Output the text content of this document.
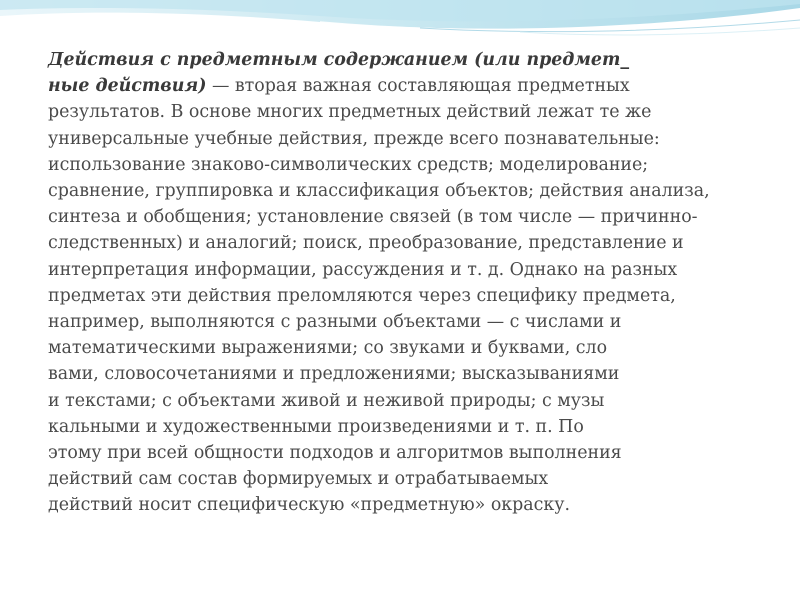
Действия с предметным содержанием (или предмет_
ные действия) — вторая важная составляющая предметных
результатов. В основе многих предметных действий лежат те же
универсальные учебные действия, прежде всего познавательные:
использование знаково-символических средств; моделирование;
сравнение, группировка и классификация объектов; действия анализа,
синтеза и обобщения; установление связей (в том числе — причинно-
следственных) и аналогий; поиск, преобразование, представление и
интерпретация информации, рассуждения и т. д. Однако на разных
предметах эти действия преломляются через специфику предмета,
например, выполняются с разными объектами — с числами и
математическими выражениями; со звуками и буквами, сло
вами, словосочетаниями и предложениями; высказываниями
и текстами; с объектами живой и неживой природы; с музы
кальными и художественными произведениями и т. п. По
этому при всей общности подходов и алгоритмов выполнения
действий сам состав формируемых и отрабатываемых
действий носит специфическую «предметную» окраску.
